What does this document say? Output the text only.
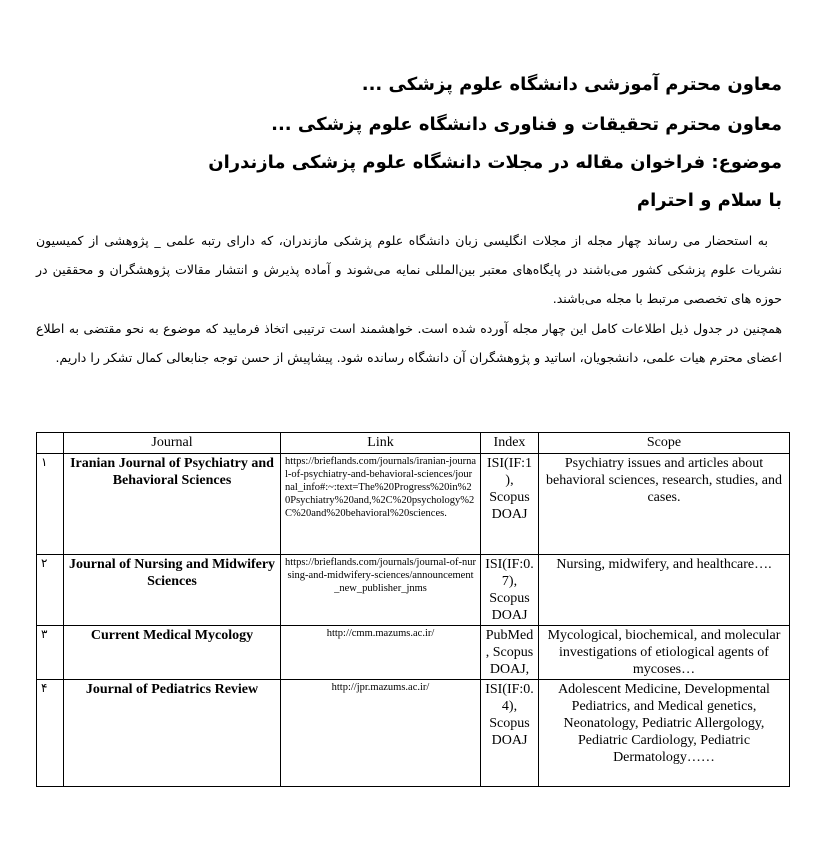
معاون محترم آموزشی دانشگاه علوم پزشکی ...
معاون محترم تحقیقات و فناوری دانشگاه علوم پزشکی ...
موضوع: فراخوان مقاله در مجلات دانشگاه علوم پزشکی مازندران
با سلام و احترام
به استحضار می رساند چهار مجله از مجلات انگلیسی زبان دانشگاه علوم پزشکی مازندران، که دارای رتبه علمی _ پژوهشی از کمیسیون نشریات علوم پزشکی کشور می‌باشند در پایگاه‌های معتبر بین‌المللی نمایه می‌شوند و آماده پذیرش و انتشار مقالات پژوهشگران و محققین در حوزه های تخصصی مرتبط با مجله می‌باشند.
همچنین در جدول ذیل اطلاعات کامل این چهار مجله آورده شده است. خواهشمند است ترتیبی اتخاذ فرمایید که موضوع به نحو مقتضی به اطلاع اعضای محترم هیات علمی، دانشجویان، اساتید و پژوهشگران آن دانشگاه رسانده شود. پیشاپیش از حسن توجه جنابعالی کمال تشکر را داریم.
	Journal	Link	Index	Scope
۱	Iranian Journal of Psychiatry and Behavioral Sciences	https://brieflands.com/journals/iranian-journal-of-psychiatry-and-behavioral-sciences/journal_info#:~:text=The%20Progress%20in%20Psychiatry%20and,%2C%20psychology%2C%20and%20behavioral%20sciences.	ISI(IF:1), Scopus DOAJ	Psychiatry issues and articles about behavioral sciences, research, studies, and cases.
۲	Journal of Nursing and Midwifery Sciences	https://brieflands.com/journals/journal-of-nursing-and-midwifery-sciences/announcement_new_publisher_jnms	ISI(IF:0.7), Scopus DOAJ	Nursing, midwifery, and healthcare….
۳	Current Medical Mycology	http://cmm.mazums.ac.ir/	PubMed, Scopus DOAJ,	Mycological, biochemical, and molecular investigations of etiological agents of mycoses…
۴	Journal of Pediatrics Review	http://jpr.mazums.ac.ir/	ISI(IF:0.4), Scopus DOAJ	Adolescent Medicine, Developmental Pediatrics, and Medical genetics, Neonatology, Pediatric Allergology, Pediatric Cardiology, Pediatric Dermatology……
